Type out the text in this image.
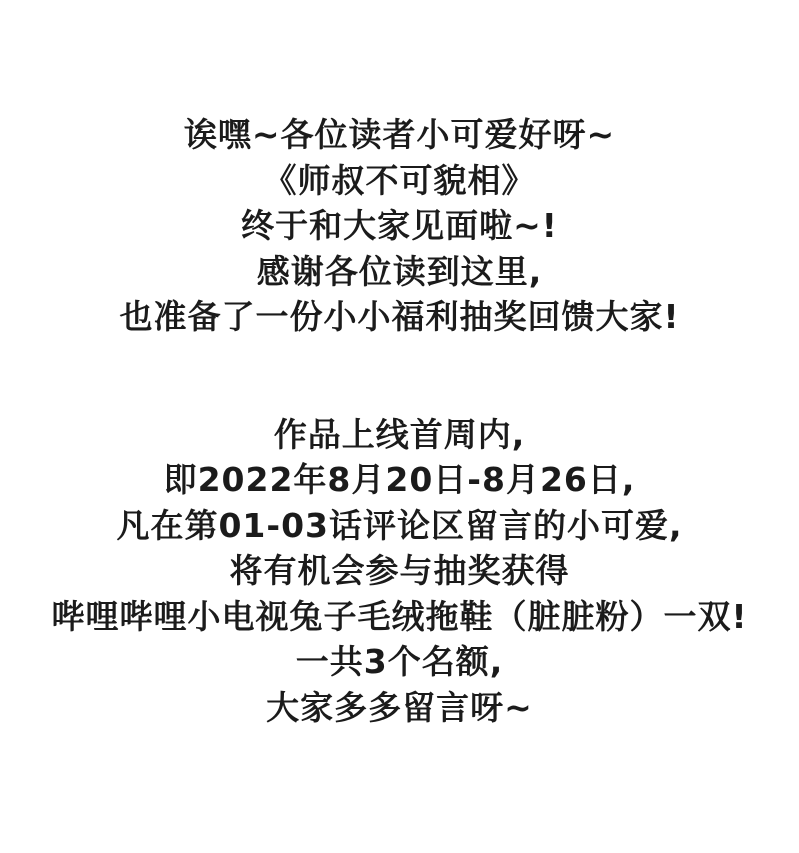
诶嘿~各位读者小可爱好呀~
《师叔不可貌相》
终于和大家见面啦~!
感谢各位读到这里,
也准备了一份小小福利抽奖回馈大家!
作品上线首周内,
即2022年8月20日-8月26日,
凡在第01-03话评论区留言的小可爱,
将有机会参与抽奖获得
哔哩哔哩小电视兔子毛绒拖鞋（脏脏粉）一双!
一共3个名额,
大家多多留言呀~
